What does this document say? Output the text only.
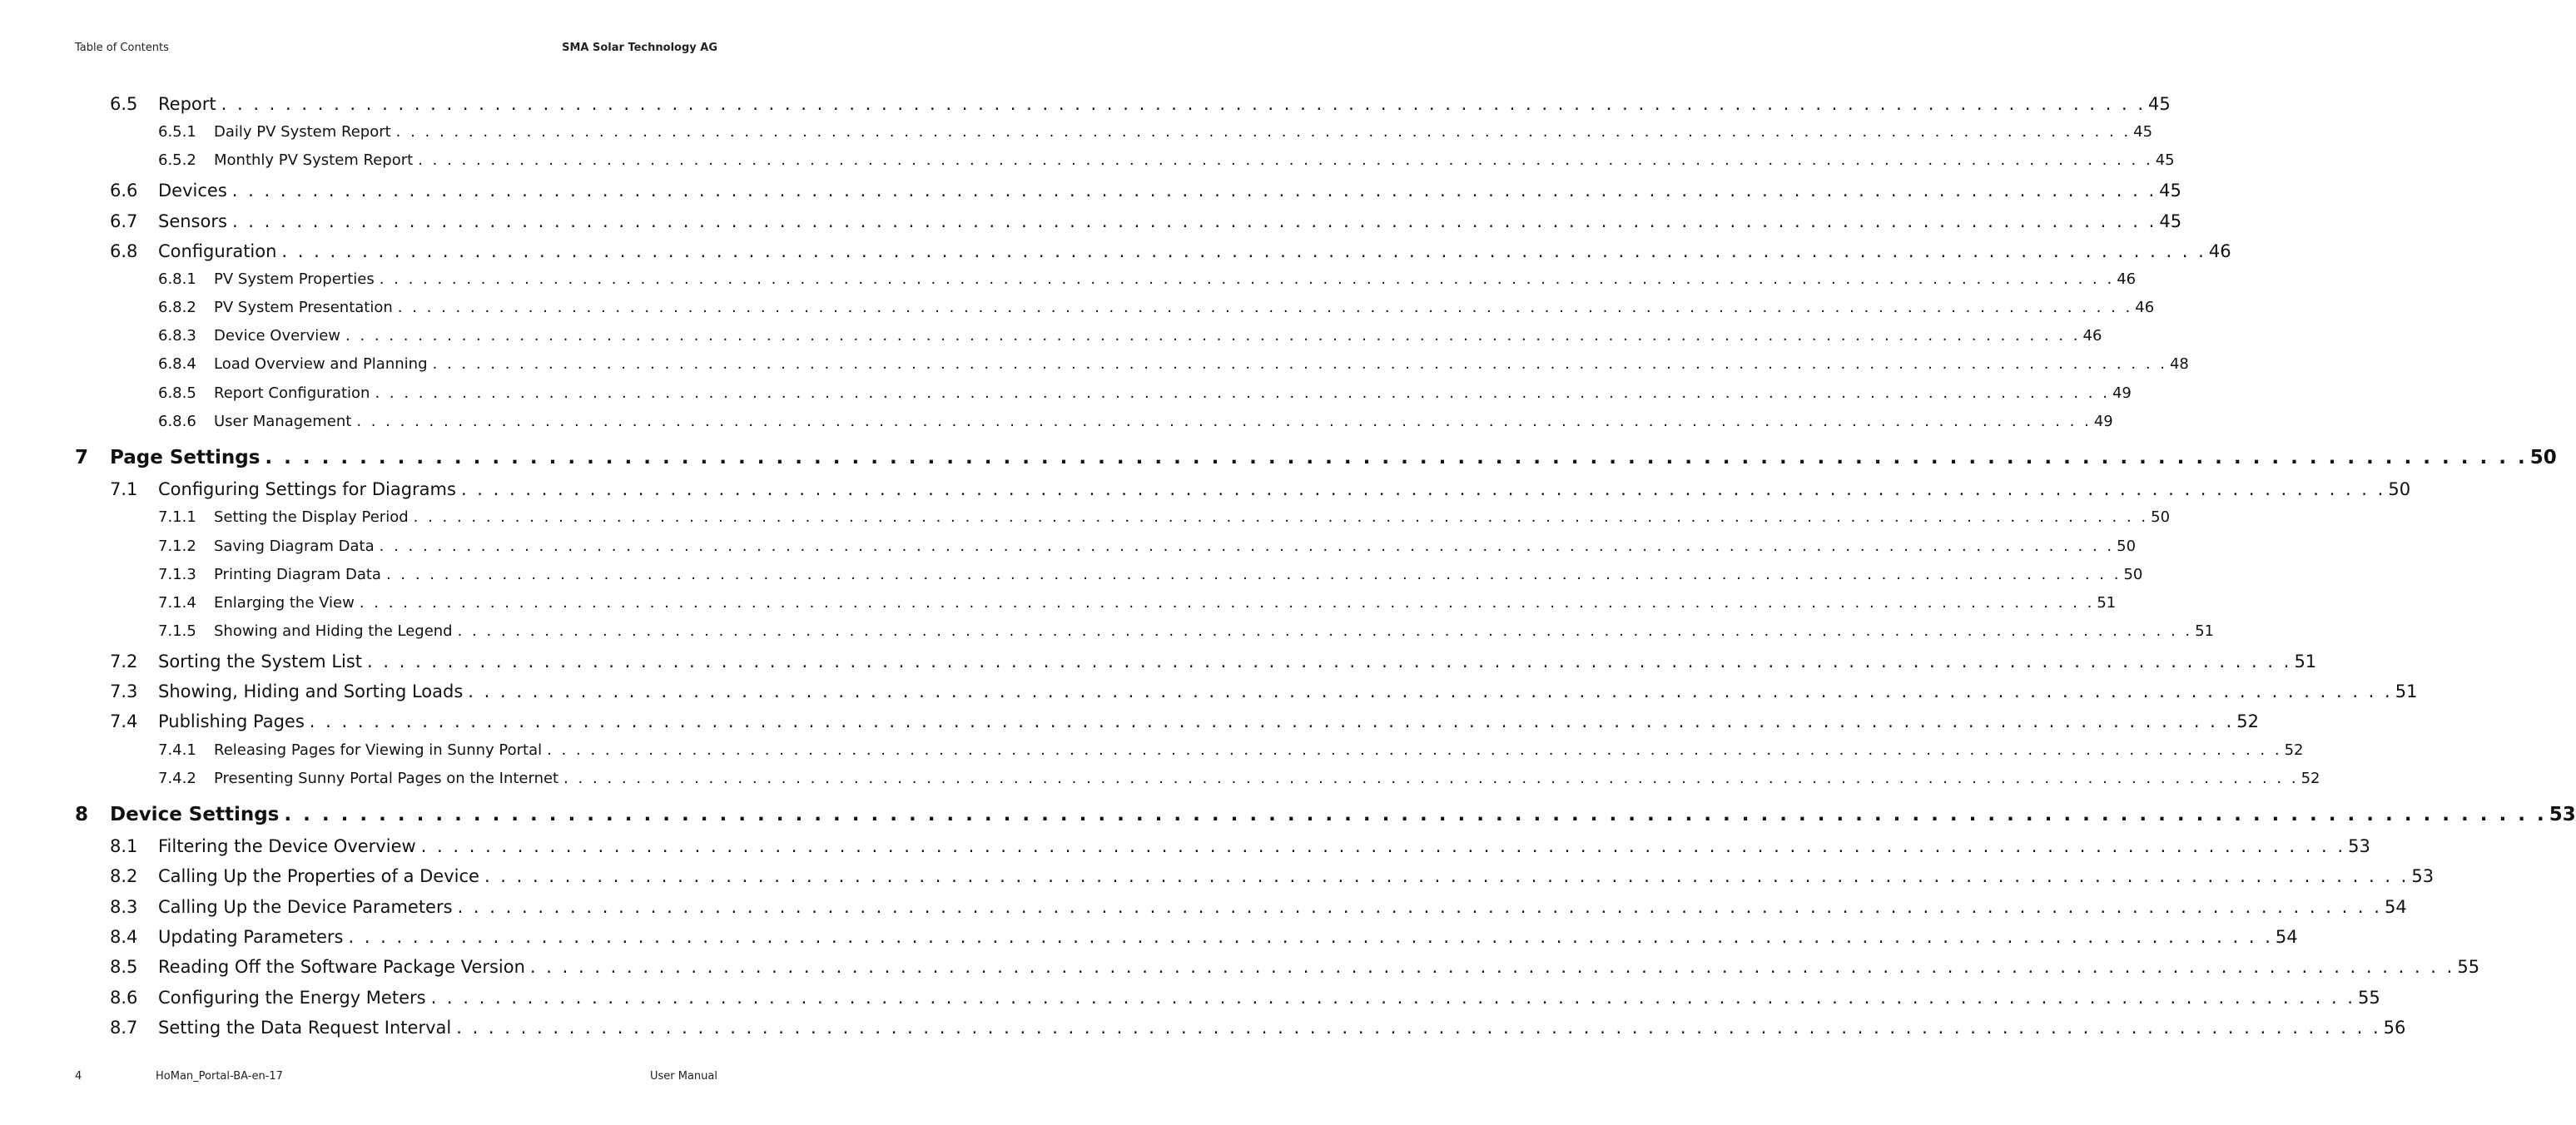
Table of Contents	SMA Solar Technology AG
6.5 Report . . . . . . . . . . . . . . . . . . . . . . . . . . . . . . . . . . . . . . . . . . . . . . . . . . . . . . . . . . . . . . . . . . . . . . . . . . . . . . . . . . . . . . . . . . . . . . . . . . . . . . . . . . . . . . . . . . . . . . . . 45
6.5.1 Daily PV System Report . . . . . . . . . . . . . . . . . . . . . . . . . . . . . . . . . . . . . . . . . . . . . . . . . . . . . . . . . . . . . . . . . . . . . . . . . . . . . . . . . . . . . . . . . . . . . . . . . . . . . . . . . . . . . . . . . . . . . . . . 45
6.5.2 Monthly PV System Report . . . . . . . . . . . . . . . . . . . . . . . . . . . . . . . . . . . . . . . . . . . . . . . . . . . . . . . . . . . . . . . . . . . . . . . . . . . . . . . . . . . . . . . . . . . . . . . . . . . . . . . . . . . . . . . . . . . . . . . . 45
6.6 Devices . . . . . . . . . . . . . . . . . . . . . . . . . . . . . . . . . . . . . . . . . . . . . . . . . . . . . . . . . . . . . . . . . . . . . . . . . . . . . . . . . . . . . . . . . . . . . . . . . . . . . . . . . . . . . . . . . . . . . . . . 45
6.7 Sensors . . . . . . . . . . . . . . . . . . . . . . . . . . . . . . . . . . . . . . . . . . . . . . . . . . . . . . . . . . . . . . . . . . . . . . . . . . . . . . . . . . . . . . . . . . . . . . . . . . . . . . . . . . . . . . . . . . . . . . . . 45
6.8 Configuration . . . . . . . . . . . . . . . . . . . . . . . . . . . . . . . . . . . . . . . . . . . . . . . . . . . . . . . . . . . . . . . . . . . . . . . . . . . . . . . . . . . . . . . . . . . . . . . . . . . . . . . . . . . . . . . . . . . . . . . . 46
6.8.1 PV System Properties . . . . . . . . . . . . . . . . . . . . . . . . . . . . . . . . . . . . . . . . . . . . . . . . . . . . . . . . . . . . . . . . . . . . . . . . . . . . . . . . . . . . . . . . . . . . . . . . . . . . . . . . . . . . . . . . . . . . . . . . 46
6.8.2 PV System Presentation . . . . . . . . . . . . . . . . . . . . . . . . . . . . . . . . . . . . . . . . . . . . . . . . . . . . . . . . . . . . . . . . . . . . . . . . . . . . . . . . . . . . . . . . . . . . . . . . . . . . . . . . . . . . . . . . . . . . . . . . 46
6.8.3 Device Overview . . . . . . . . . . . . . . . . . . . . . . . . . . . . . . . . . . . . . . . . . . . . . . . . . . . . . . . . . . . . . . . . . . . . . . . . . . . . . . . . . . . . . . . . . . . . . . . . . . . . . . . . . . . . . . . . . . . . . . . . 46
6.8.4 Load Overview and Planning . . . . . . . . . . . . . . . . . . . . . . . . . . . . . . . . . . . . . . . . . . . . . . . . . . . . . . . . . . . . . . . . . . . . . . . . . . . . . . . . . . . . . . . . . . . . . . . . . . . . . . . . . . . . . . . . . . . . . . . . 48
6.8.5 Report Configuration . . . . . . . . . . . . . . . . . . . . . . . . . . . . . . . . . . . . . . . . . . . . . . . . . . . . . . . . . . . . . . . . . . . . . . . . . . . . . . . . . . . . . . . . . . . . . . . . . . . . . . . . . . . . . . . . . . . . . . . . 49
6.8.6 User Management . . . . . . . . . . . . . . . . . . . . . . . . . . . . . . . . . . . . . . . . . . . . . . . . . . . . . . . . . . . . . . . . . . . . . . . . . . . . . . . . . . . . . . . . . . . . . . . . . . . . . . . . . . . . . . . . . . . . . . . . 49
7 Page Settings . . . . . . . . . . . . . . . . . . . . . . . . . . . . . . . . . . . . . . . . . . . . . . . . . . . . . . . . . . . . . . . . . . . . . . . . . . . . . . . . . . . . . . . . . . . . . . . . . . . . . . . . . . . . . . . . . . . . . . . . 50
7.1 Configuring Settings for Diagrams . . . . . . . . . . . . . . . . . . . . . . . . . . . . . . . . . . . . . . . . . . . . . . . . . . . . . . . . . . . . . . . . . . . . . . . . . . . . . . . . . . . . . . . . . . . . . . . . . . . . . . . . . . . . . . . . . . . . . . . . 50
7.1.1 Setting the Display Period . . . . . . . . . . . . . . . . . . . . . . . . . . . . . . . . . . . . . . . . . . . . . . . . . . . . . . . . . . . . . . . . . . . . . . . . . . . . . . . . . . . . . . . . . . . . . . . . . . . . . . . . . . . . . . . . . . . . . . . . 50
7.1.2 Saving Diagram Data . . . . . . . . . . . . . . . . . . . . . . . . . . . . . . . . . . . . . . . . . . . . . . . . . . . . . . . . . . . . . . . . . . . . . . . . . . . . . . . . . . . . . . . . . . . . . . . . . . . . . . . . . . . . . . . . . . . . . . . . 50
7.1.3 Printing Diagram Data . . . . . . . . . . . . . . . . . . . . . . . . . . . . . . . . . . . . . . . . . . . . . . . . . . . . . . . . . . . . . . . . . . . . . . . . . . . . . . . . . . . . . . . . . . . . . . . . . . . . . . . . . . . . . . . . . . . . . . . . 50
7.1.4 Enlarging the View . . . . . . . . . . . . . . . . . . . . . . . . . . . . . . . . . . . . . . . . . . . . . . . . . . . . . . . . . . . . . . . . . . . . . . . . . . . . . . . . . . . . . . . . . . . . . . . . . . . . . . . . . . . . . . . . . . . . . . . . 51
7.1.5 Showing and Hiding the Legend . . . . . . . . . . . . . . . . . . . . . . . . . . . . . . . . . . . . . . . . . . . . . . . . . . . . . . . . . . . . . . . . . . . . . . . . . . . . . . . . . . . . . . . . . . . . . . . . . . . . . . . . . . . . . . . . . . . . . . . . 51
7.2 Sorting the System List . . . . . . . . . . . . . . . . . . . . . . . . . . . . . . . . . . . . . . . . . . . . . . . . . . . . . . . . . . . . . . . . . . . . . . . . . . . . . . . . . . . . . . . . . . . . . . . . . . . . . . . . . . . . . . . . . . . . . . . . 51
7.3 Showing, Hiding and Sorting Loads . . . . . . . . . . . . . . . . . . . . . . . . . . . . . . . . . . . . . . . . . . . . . . . . . . . . . . . . . . . . . . . . . . . . . . . . . . . . . . . . . . . . . . . . . . . . . . . . . . . . . . . . . . . . . . . . . . . . . . . . 51
7.4 Publishing Pages . . . . . . . . . . . . . . . . . . . . . . . . . . . . . . . . . . . . . . . . . . . . . . . . . . . . . . . . . . . . . . . . . . . . . . . . . . . . . . . . . . . . . . . . . . . . . . . . . . . . . . . . . . . . . . . . . . . . . . . . 52
7.4.1 Releasing Pages for Viewing in Sunny Portal . . . . . . . . . . . . . . . . . . . . . . . . . . . . . . . . . . . . . . . . . . . . . . . . . . . . . . . . . . . . . . . . . . . . . . . . . . . . . . . . . . . . . . . . . . . . . . . . . . . . . . . . . . . . . . . . . . . . . . . . 52
7.4.2 Presenting Sunny Portal Pages on the Internet . . . . . . . . . . . . . . . . . . . . . . . . . . . . . . . . . . . . . . . . . . . . . . . . . . . . . . . . . . . . . . . . . . . . . . . . . . . . . . . . . . . . . . . . . . . . . . . . . . . . . . . . . . . . . . . . . . . . . . . . 52
8 Device Settings . . . . . . . . . . . . . . . . . . . . . . . . . . . . . . . . . . . . . . . . . . . . . . . . . . . . . . . . . . . . . . . . . . . . . . . . . . . . . . . . . . . . . . . . . . . . . . . . . . . . . . . . . . . . . . . . . . . . . . . . 53
8.1 Filtering the Device Overview . . . . . . . . . . . . . . . . . . . . . . . . . . . . . . . . . . . . . . . . . . . . . . . . . . . . . . . . . . . . . . . . . . . . . . . . . . . . . . . . . . . . . . . . . . . . . . . . . . . . . . . . . . . . . . . . . . . . . . . . 53
8.2 Calling Up the Properties of a Device . . . . . . . . . . . . . . . . . . . . . . . . . . . . . . . . . . . . . . . . . . . . . . . . . . . . . . . . . . . . . . . . . . . . . . . . . . . . . . . . . . . . . . . . . . . . . . . . . . . . . . . . . . . . . . . . . . . . . . . . 53
8.3 Calling Up the Device Parameters . . . . . . . . . . . . . . . . . . . . . . . . . . . . . . . . . . . . . . . . . . . . . . . . . . . . . . . . . . . . . . . . . . . . . . . . . . . . . . . . . . . . . . . . . . . . . . . . . . . . . . . . . . . . . . . . . . . . . . . . 54
8.4 Updating Parameters . . . . . . . . . . . . . . . . . . . . . . . . . . . . . . . . . . . . . . . . . . . . . . . . . . . . . . . . . . . . . . . . . . . . . . . . . . . . . . . . . . . . . . . . . . . . . . . . . . . . . . . . . . . . . . . . . . . . . . . . 54
8.5 Reading Off the Software Package Version . . . . . . . . . . . . . . . . . . . . . . . . . . . . . . . . . . . . . . . . . . . . . . . . . . . . . . . . . . . . . . . . . . . . . . . . . . . . . . . . . . . . . . . . . . . . . . . . . . . . . . . . . . . . . . . . . . . . . . . . 55
8.6 Configuring the Energy Meters . . . . . . . . . . . . . . . . . . . . . . . . . . . . . . . . . . . . . . . . . . . . . . . . . . . . . . . . . . . . . . . . . . . . . . . . . . . . . . . . . . . . . . . . . . . . . . . . . . . . . . . . . . . . . . . . . . . . . . . . 55
8.7 Setting the Data Request Interval . . . . . . . . . . . . . . . . . . . . . . . . . . . . . . . . . . . . . . . . . . . . . . . . . . . . . . . . . . . . . . . . . . . . . . . . . . . . . . . . . . . . . . . . . . . . . . . . . . . . . . . . . . . . . . . . . . . . . . . . 56
4	HoMan_Portal-BA-en-17	User Manual
